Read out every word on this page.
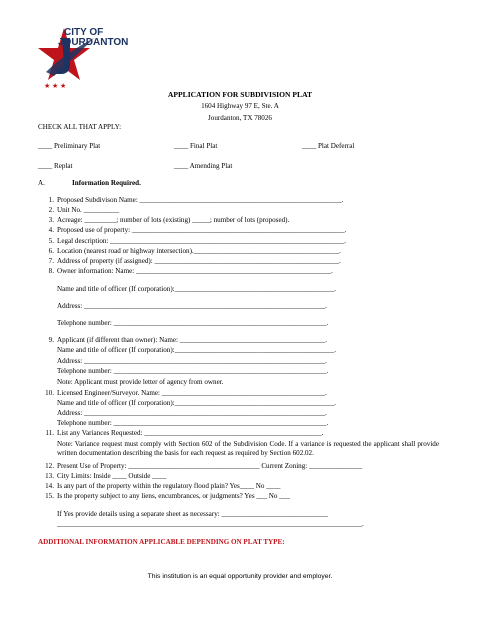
★ ★ ★
CITY OF
JOURDANTON
APPLICATION FOR SUBDIVISION PLAT
1604 Highway 97 E, Ste. A
Jourdanton, TX 78026
CHECK ALL THAT APPLY:
____ Preliminary Plat	____ Final Plat	____ Plat Deferral
____ Replat	____ Amending Plat
A.	Information Required.
1. Proposed Subdivison Name: _________________________________________________________.
2. Unit No. __________
3. Acreage: _________; number of lots (existing) _____; number of lots (proposed).
4. Proposed use of property: ____________________________________________________________.
5. Legal description: __________________________________________________________________.
6. Location (nearest road or highway intersection)._________________________________________.
7. Address of property (if assigned): ____________________________________________________.
8. Owner information: Name: _______________________________________________________.
Name and title of officer (If corporation):_____________________________________________.
Address: ____________________________________________________________________.
Telephone number: ____________________________________________________________.
9. Applicant (if different than owner): Name: _________________________________________.
Name and title of officer (If corporation):_____________________________________________.
Address: ____________________________________________________________________.
Telephone number: ____________________________________________________________.
Note: Applicant must provide letter of agency from owner.
10. Licensed Engineer/Surveyor. Name: ______________________________________________.
Name and title of officer (If corporation):_____________________________________________.
Address: ____________________________________________________________________.
Telephone number: ____________________________________________________________.
11. List any Variances Requested: __________________________________________________.
Note: Variance request must comply with Section 602 of the Subdivision Code. If a variance is requested the applicant shall provide written documentation describing the basis for each request as required by Section 602.02.
12. Present Use of Property: _____________________________________ Current Zoning: _______________
13. City Limits: Inside ____ Outside ____
14. Is any part of the property within the regulatory flood plain? Yes____ No ____
15. Is the property subject to any liens, encumbrances, or judgments? Yes ___ No ___
If Yes provide details using a separate sheet as necessary: ______________________________
______________________________________________________________________________________.
ADDITIONAL INFORMATION APPLICABLE DEPENDING ON PLAT TYPE:
This institution is an equal opportunity provider and employer.
